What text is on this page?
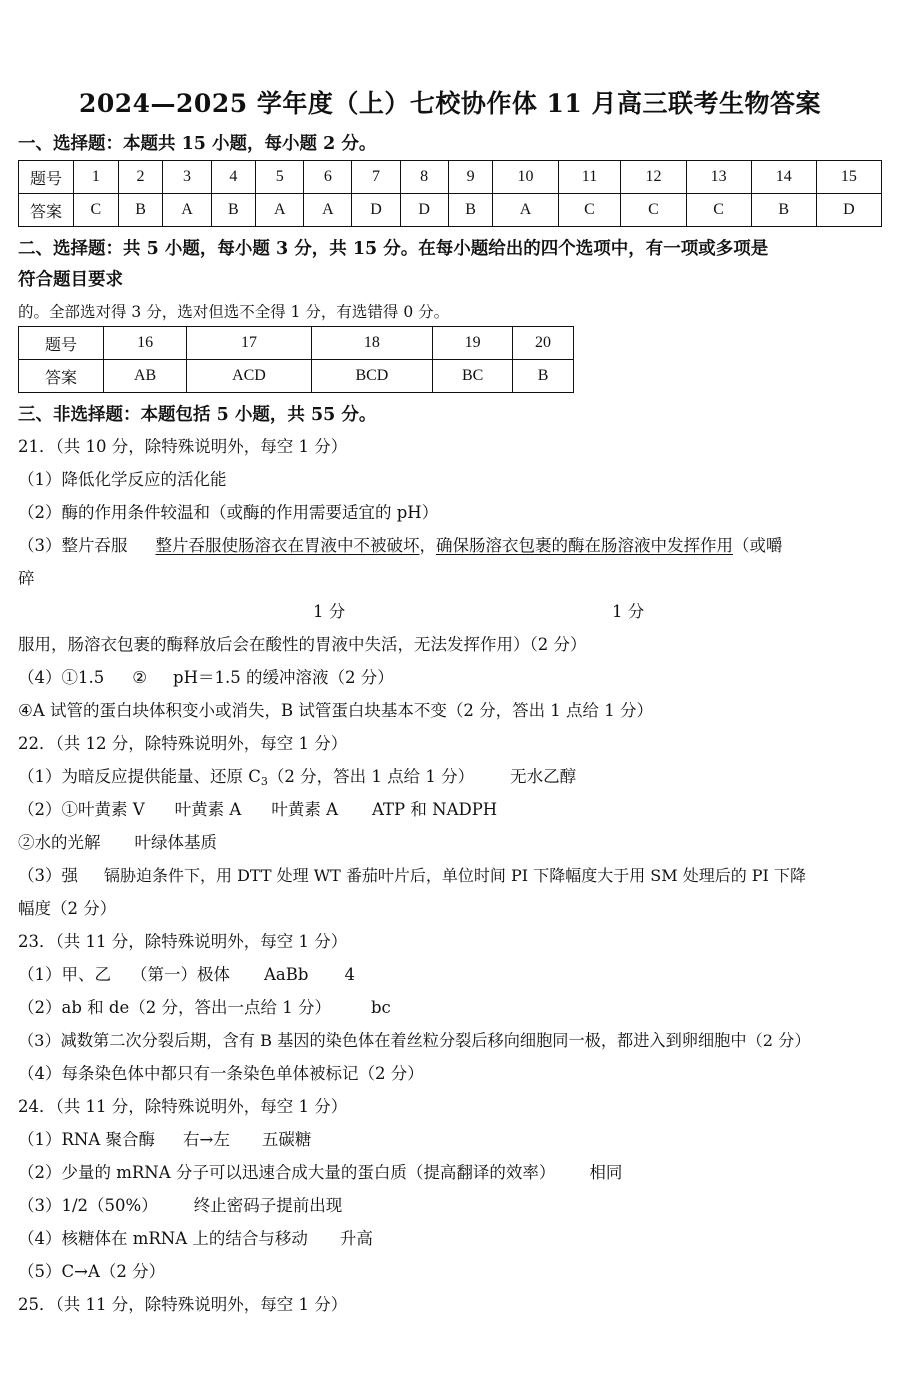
2024—2025 学年度（上）七校协作体 11 月高三联考生物答案
一、选择题：本题共 15 小题，每小题 2 分。
题号	1	2	3	4	5	6	7	8	9	10	11	12	13	14	15
答案	C	B	A	B	A	A	D	D	B	A	C	C	C	B	D
二、选择题：共 5 小题，每小题 3 分，共 15 分。在每小题给出的四个选项中，有一项或多项是
符合题目要求
的。全部选对得 3 分，选对但选不全得 1 分，有选错得 0 分。
题号	16	17	18	19	20
答案	AB	ACD	BCD	BC	B
三、非选择题：本题包括 5 小题，共 55 分。
21．（共 10 分，除特殊说明外，每空 1 分）
（1）降低化学反应的活化能
（2）酶的作用条件较温和（或酶的作用需要适宜的 pH）
（3）整片吞服 整片吞服使肠溶衣在胃液中不被破坏，确保肠溶衣包裹的酶在肠溶液中发挥作用（或嚼
碎
1 分	1 分
服用，肠溶衣包裹的酶释放后会在酸性的胃液中失活，无法发挥作用）（2 分）
（4）①1.5 ② pH＝1.5 的缓冲溶液（2 分）
④A 试管的蛋白块体积变小或消失，B 试管蛋白块基本不变（2 分，答出 1 点给 1 分）
22．（共 12 分，除特殊说明外，每空 1 分）
（1）为暗反应提供能量、还原 $C_3(2$ 分，答出 1 点给 1 分） 无水乙醇
（2）①叶黄素 V 叶黄素 A 叶黄素 A ATP 和 NADPH
②水的光解 叶绿体基质
（3）强 镉胁迫条件下，用 DTT 处理 WT 番茄叶片后，单位时间 PI 下降幅度大于用 SM 处理后的 PI 下降
幅度（2 分）
23．（共 11 分，除特殊说明外，每空 1 分）
（1）甲、乙 （第一）极体 AaBb 4
（2）ab 和 de（2 分，答出一点给 1 分） bc
（3）减数第二次分裂后期，含有 B 基因的染色体在着丝粒分裂后移向细胞同一极，都进入到卵细胞中（2 分）
（4）每条染色体中都只有一条染色单体被标记（2 分）
24．（共 11 分，除特殊说明外，每空 1 分）
（1）RNA 聚合酶 右→左 五碳糖
（2）少量的 mRNA 分子可以迅速合成大量的蛋白质（提高翻译的效率） 相同
（3）1/2（50%） 终止密码子提前出现
（4）核糖体在 mRNA 上的结合与移动 升高
（5）C→A（2 分）
25．（共 11 分，除特殊说明外，每空 1 分）
